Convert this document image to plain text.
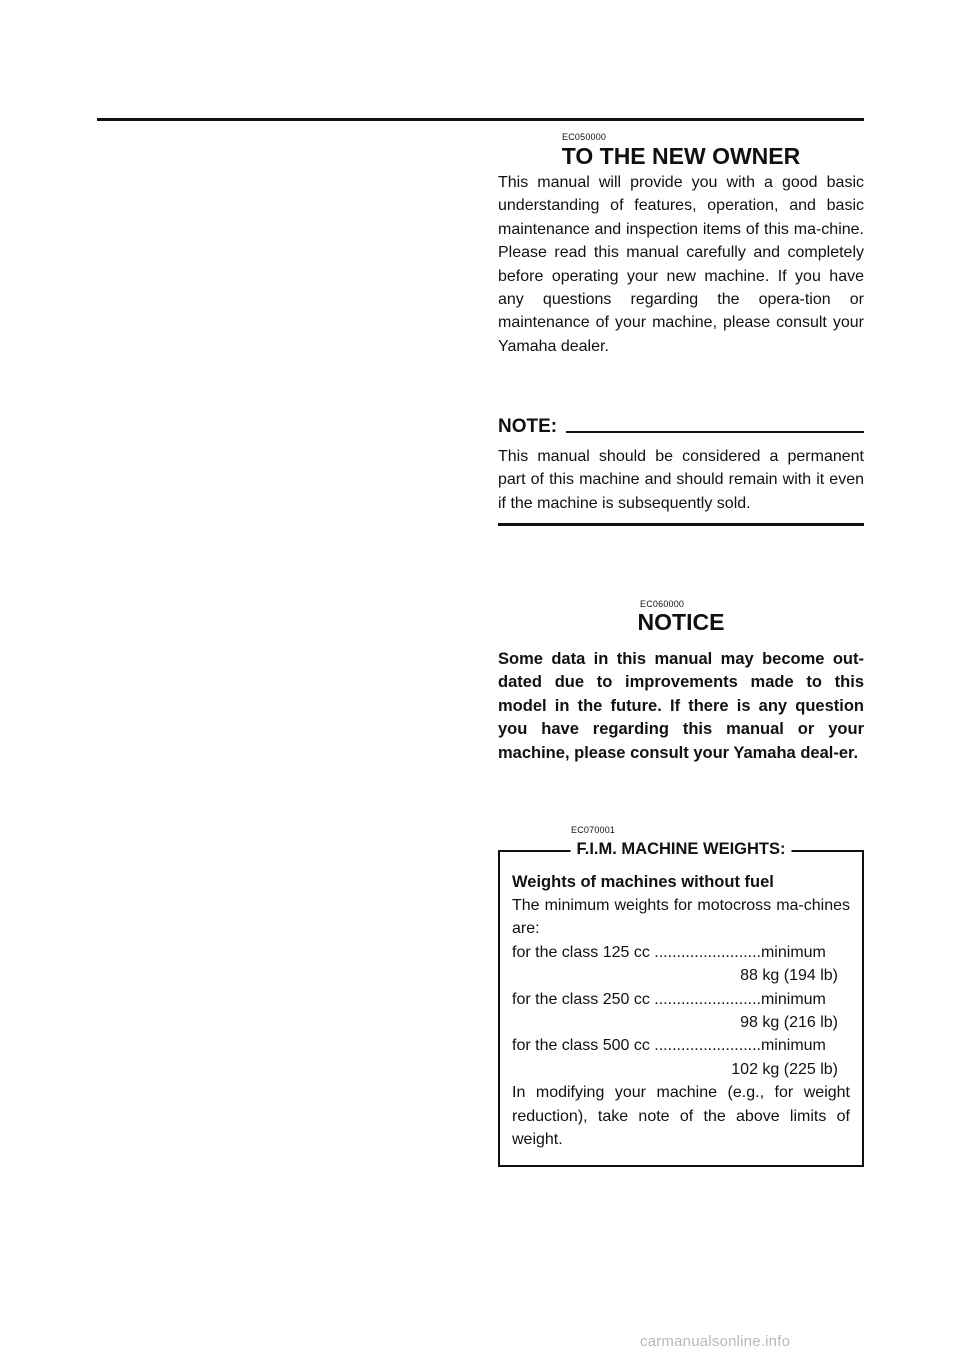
EC050000
TO THE NEW OWNER

This manual will provide you with a good basic understanding of features, operation, and basic maintenance and inspection items of this ma-chine. Please read this manual carefully and completely before operating your new machine. If you have any questions regarding the opera-tion or maintenance of your machine, please consult your Yamaha dealer.

NOTE:

This manual should be considered a permanent part of this machine and should remain with it even if the machine is subsequently sold.

EC060000
NOTICE

Some data in this manual may become out-dated due to improvements made to this model in the future. If there is any question you have regarding this manual or your machine, please consult your Yamaha deal-er.

EC070001
F.I.M. MACHINE WEIGHTS:

Weights of machines without fuel

The minimum weights for motocross ma-chines are:

for the class 125 cc ........................minimum
88 kg (194 lb)
for the class 250 cc ........................minimum
98 kg (216 lb)
for the class 500 cc ........................minimum
102 kg (225 lb)

In modifying your machine (e.g., for weight reduction), take note of the above limits of weight.

carmanualsonline.info
